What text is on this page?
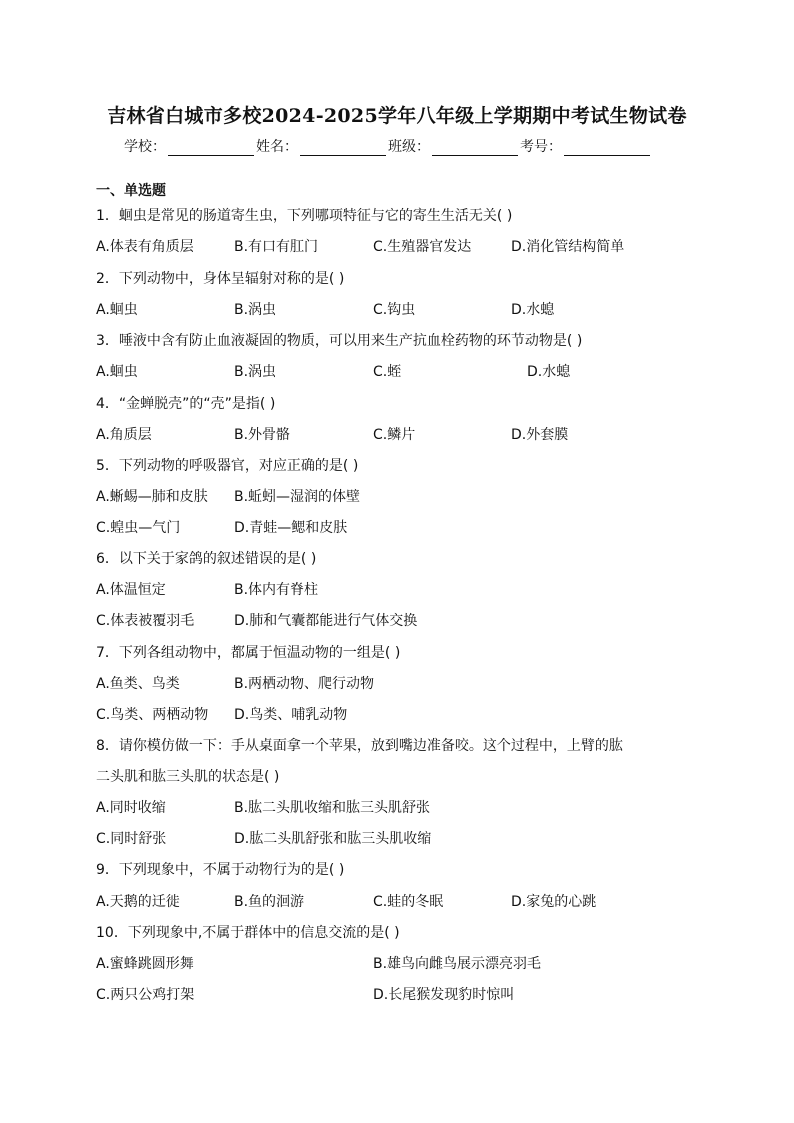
吉林省白城市多校2024-2025学年八年级上学期期中考试生物试卷
学校：	姓名：	班级：	考号：
一、单选题
1．蛔虫是常见的肠道寄生虫，下列哪项特征与它的寄生生活无关( )
A.体表有角质层	B.有口有肛门	C.生殖器官发达	D.消化管结构简单
2．下列动物中，身体呈辐射对称的是( )
A.蛔虫	B.涡虫	C.钩虫	D.水螅
3．唾液中含有防止血液凝固的物质，可以用来生产抗血栓药物的环节动物是( )
A.蛔虫	B.涡虫	C.蛭	D.水螅
4．“金蝉脱壳”的“壳”是指( )
A.角质层	B.外骨骼	C.鳞片	D.外套膜
5．下列动物的呼吸器官，对应正确的是( )
A.蜥蜴—肺和皮肤 B.蚯蚓—湿润的体壁
C.蝗虫—气门	D.青蛙—鳃和皮肤
6．以下关于家鸽的叙述错误的是( )
A.体温恒定	B.体内有脊柱
C.体表被覆羽毛	D.肺和气囊都能进行气体交换
7．下列各组动物中，都属于恒温动物的一组是( )
A.鱼类、鸟类	B.两栖动物、爬行动物
C.鸟类、两栖动物 D.鸟类、哺乳动物
8．请你模仿做一下：手从桌面拿一个苹果，放到嘴边准备咬。这个过程中，上臂的肱
二头肌和肱三头肌的状态是( )
A.同时收缩	B.肱二头肌收缩和肱三头肌舒张
C.同时舒张	D.肱二头肌舒张和肱三头肌收缩
9．下列现象中，不属于动物行为的是( )
A.天鹅的迁徙	B.鱼的洄游	C.蛙的冬眠	D.家兔的心跳
10．下列现象中,不属于群体中的信息交流的是( )
A.蜜蜂跳圆形舞	B.雄鸟向雌鸟展示漂亮羽毛
C.两只公鸡打架	D.长尾猴发现豹时惊叫
